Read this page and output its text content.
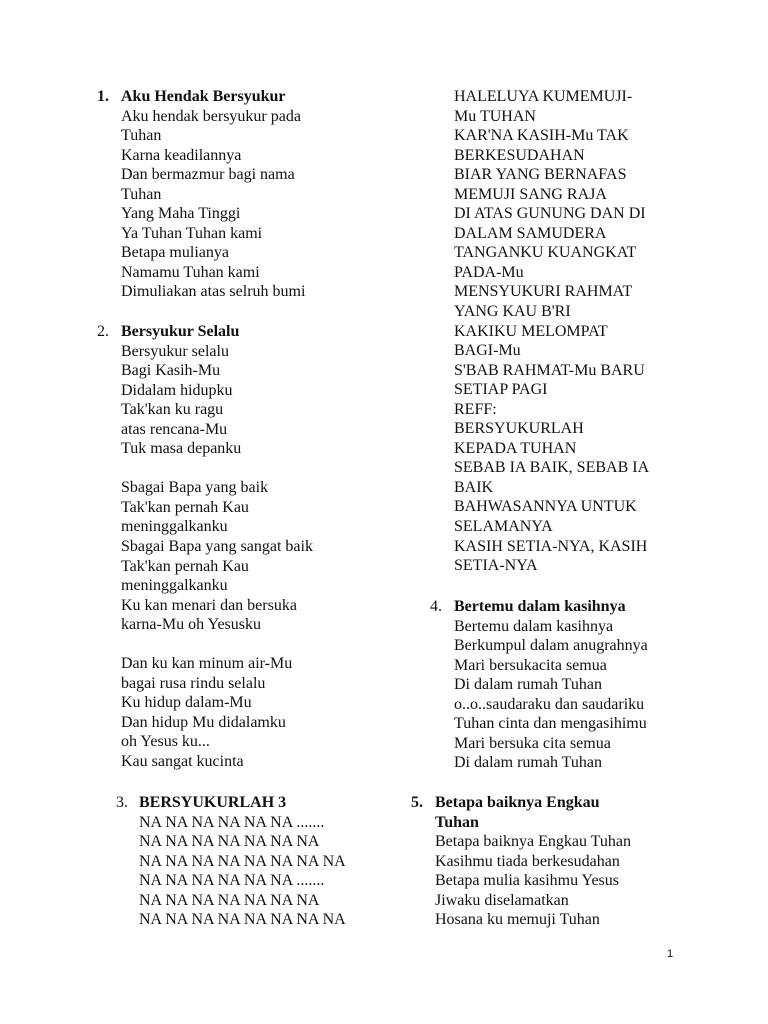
1. Aku Hendak Bersyukur
Aku hendak bersyukur pada
Tuhan
Karna keadilannya
Dan bermazmur bagi nama
Tuhan
Yang Maha Tinggi
Ya Tuhan Tuhan kami
Betapa mulianya
Namamu Tuhan kami
Dimuliakan atas selruh bumi
2. Bersyukur Selalu
Bersyukur selalu
Bagi Kasih-Mu
Didalam hidupku
Tak'kan ku ragu
atas rencana-Mu
Tuk masa depanku
Sbagai Bapa yang baik
Tak'kan pernah Kau
meninggalkanku
Sbagai Bapa yang sangat baik
Tak'kan pernah Kau
meninggalkanku
Ku kan menari dan bersuka
karna-Mu oh Yesusku
Dan ku kan minum air-Mu
bagai rusa rindu selalu
Ku hidup dalam-Mu
Dan hidup Mu didalamku
oh Yesus ku...
Kau sangat kucinta
3. BERSYUKURLAH 3
NA NA NA NA NA NA .......
NA NA NA NA NA NA NA
NA NA NA NA NA NA NA NA
NA NA NA NA NA NA .......
NA NA NA NA NA NA NA
NA NA NA NA NA NA NA NA
HALELUYA KUMEMUJI-
Mu TUHAN
KAR'NA KASIH-Mu TAK
BERKESUDAHAN
BIAR YANG BERNAFAS
MEMUJI SANG RAJA
DI ATAS GUNUNG DAN DI
DALAM SAMUDERA
TANGANKU KUANGKAT
PADA-Mu
MENSYUKURI RAHMAT
YANG KAU B'RI
KAKIKU MELOMPAT
BAGI-Mu
S'BAB RAHMAT-Mu BARU
SETIAP PAGI
REFF:
BERSYUKURLAH
KEPADA TUHAN
SEBAB IA BAIK, SEBAB IA
BAIK
BAHWASANNYA UNTUK
SELAMANYA
KASIH SETIA-NYA, KASIH
SETIA-NYA
4. Bertemu dalam kasihnya
Bertemu dalam kasihnya
Berkumpul dalam anugrahnya
Mari bersukacita semua
Di dalam rumah Tuhan
o..o..saudaraku dan saudariku
Tuhan cinta dan mengasihimu
Mari bersuka cita semua
Di dalam rumah Tuhan
5. Betapa baiknya Engkau
Tuhan
Betapa baiknya Engkau Tuhan
Kasihmu tiada berkesudahan
Betapa mulia kasihmu Yesus
Jiwaku diselamatkan
Hosana ku memuji Tuhan
1
